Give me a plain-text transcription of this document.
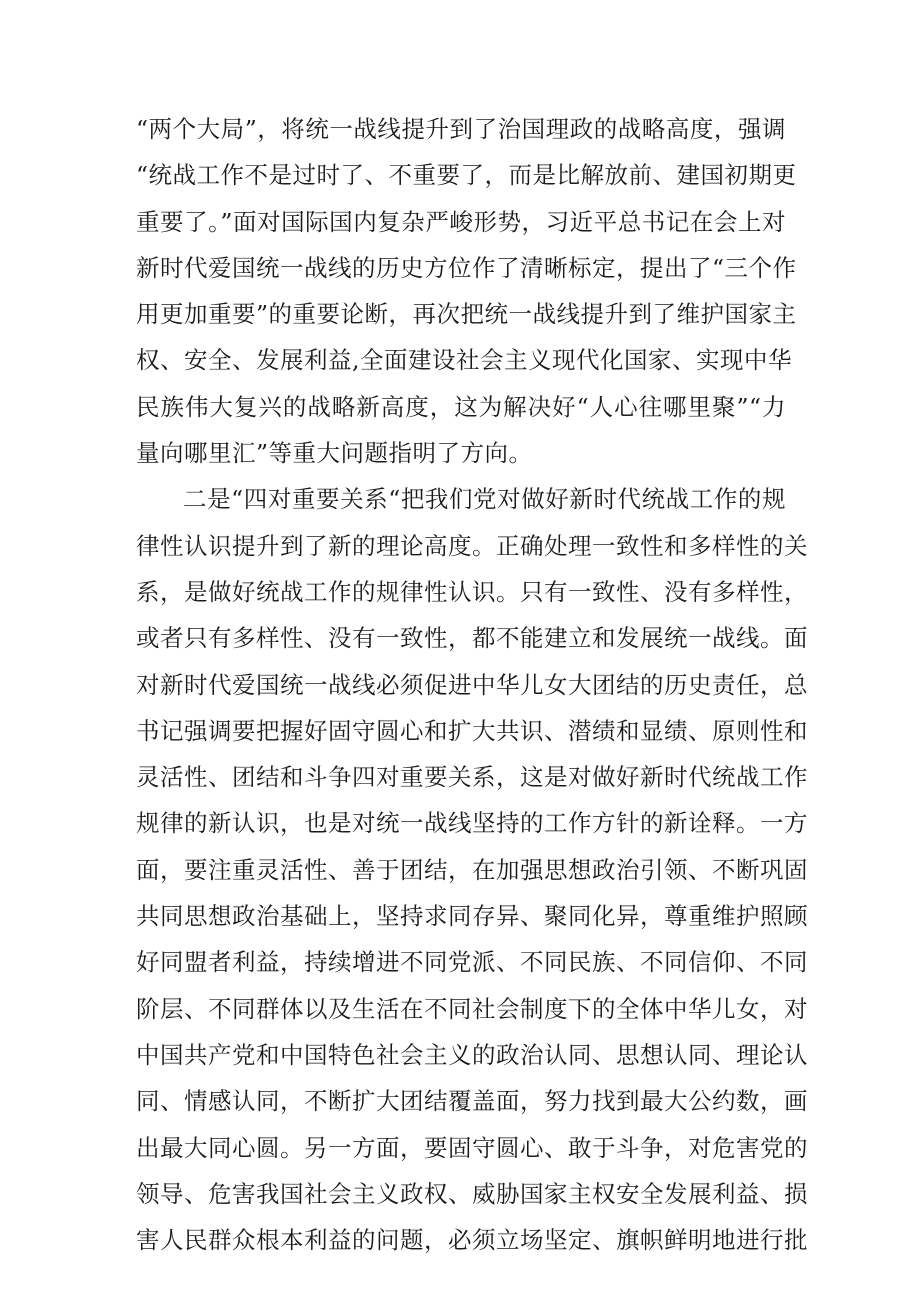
“两个大局”，将统一战线提升到了治国理政的战略高度，强调
“统战工作不是过时了、不重要了，而是比解放前、建国初期更
重要了。”面对国际国内复杂严峻形势，习近平总书记在会上对
新时代爱国统一战线的历史方位作了清晰标定，提出了“三个作
用更加重要”的重要论断，再次把统一战线提升到了维护国家主
权、安全、发展利益,全面建设社会主义现代化国家、实现中华
民族伟大复兴的战略新高度，这为解决好“人心往哪里聚”“力
量向哪里汇”等重大问题指明了方向。
二是“四对重要关系“把我们党对做好新时代统战工作的规
律性认识提升到了新的理论高度。正确处理一致性和多样性的关
系，是做好统战工作的规律性认识。只有一致性、没有多样性，
或者只有多样性、没有一致性，都不能建立和发展统一战线。面
对新时代爱国统一战线必须促进中华儿女大团结的历史责任，总
书记强调要把握好固守圆心和扩大共识、潜绩和显绩、原则性和
灵活性、团结和斗争四对重要关系，这是对做好新时代统战工作
规律的新认识，也是对统一战线坚持的工作方针的新诠释。一方
面，要注重灵活性、善于团结，在加强思想政治引领、不断巩固
共同思想政治基础上，坚持求同存异、聚同化异，尊重维护照顾
好同盟者利益，持续增进不同党派、不同民族、不同信仰、不同
阶层、不同群体以及生活在不同社会制度下的全体中华儿女，对
中国共产党和中国特色社会主义的政治认同、思想认同、理论认
同、情感认同，不断扩大团结覆盖面，努力找到最大公约数，画
出最大同心圆。另一方面，要固守圆心、敢于斗争，对危害党的
领导、危害我国社会主义政权、威胁国家主权安全发展利益、损
害人民群众根本利益的问题，必须立场坚定、旗帜鲜明地进行批
